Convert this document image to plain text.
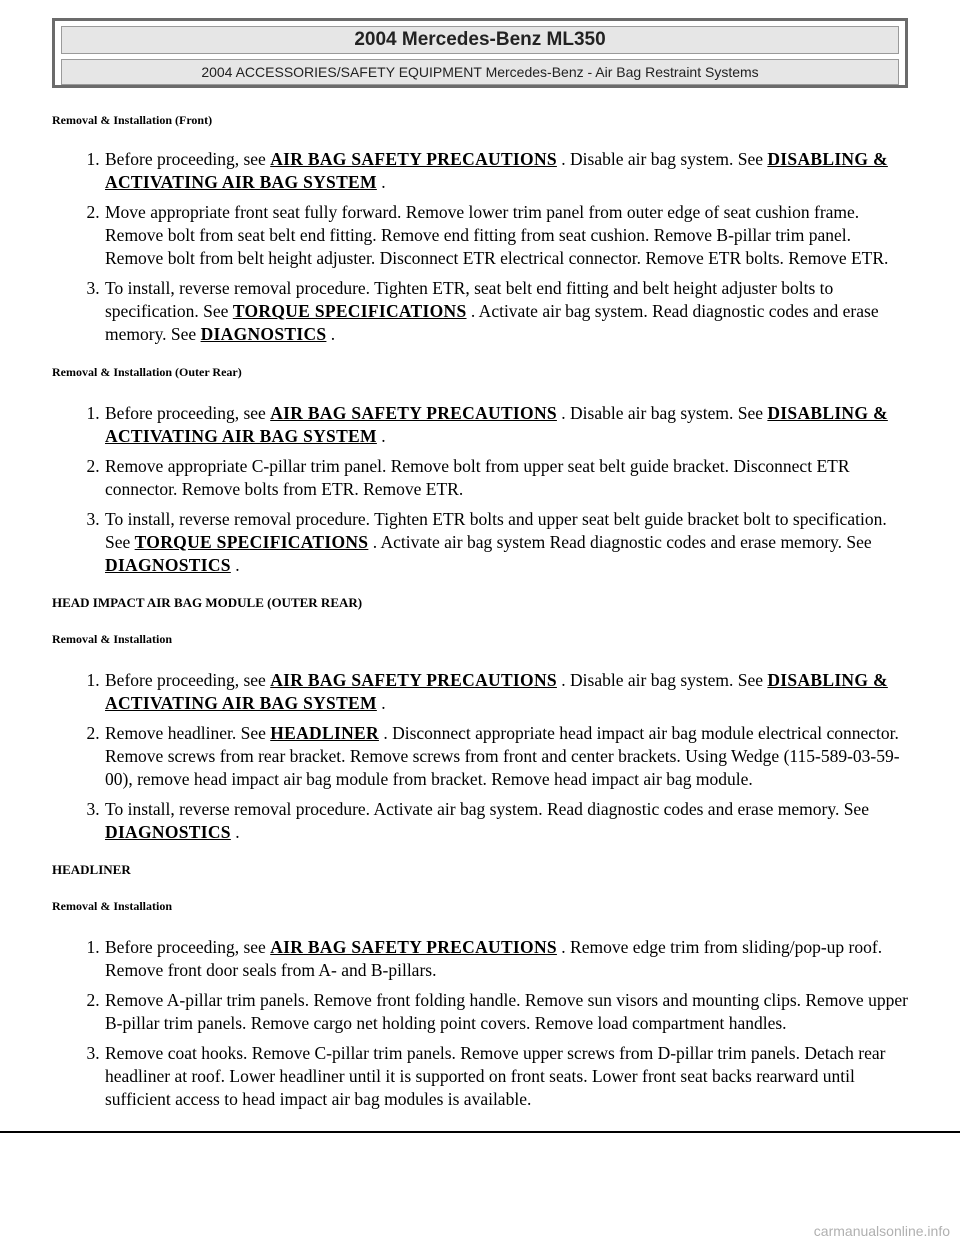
2004 Mercedes-Benz ML350
2004 ACCESSORIES/SAFETY EQUIPMENT Mercedes-Benz - Air Bag Restraint Systems

Removal & Installation (Front)

1. Before proceeding, see AIR BAG SAFETY PRECAUTIONS . Disable air bag system. See DISABLING & ACTIVATING AIR BAG SYSTEM .
2. Move appropriate front seat fully forward. Remove lower trim panel from outer edge of seat cushion frame. Remove bolt from seat belt end fitting. Remove end fitting from seat cushion. Remove B-pillar trim panel. Remove bolt from belt height adjuster. Disconnect ETR electrical connector. Remove ETR bolts. Remove ETR.
3. To install, reverse removal procedure. Tighten ETR, seat belt end fitting and belt height adjuster bolts to specification. See TORQUE SPECIFICATIONS . Activate air bag system. Read diagnostic codes and erase memory. See DIAGNOSTICS .

Removal & Installation (Outer Rear)

1. Before proceeding, see AIR BAG SAFETY PRECAUTIONS . Disable air bag system. See DISABLING & ACTIVATING AIR BAG SYSTEM .
2. Remove appropriate C-pillar trim panel. Remove bolt from upper seat belt guide bracket. Disconnect ETR connector. Remove bolts from ETR. Remove ETR.
3. To install, reverse removal procedure. Tighten ETR bolts and upper seat belt guide bracket bolt to specification. See TORQUE SPECIFICATIONS . Activate air bag system Read diagnostic codes and erase memory. See DIAGNOSTICS .

HEAD IMPACT AIR BAG MODULE (OUTER REAR)

Removal & Installation

1. Before proceeding, see AIR BAG SAFETY PRECAUTIONS . Disable air bag system. See DISABLING & ACTIVATING AIR BAG SYSTEM .
2. Remove headliner. See HEADLINER . Disconnect appropriate head impact air bag module electrical connector. Remove screws from rear bracket. Remove screws from front and center brackets. Using Wedge (115-589-03-59-00), remove head impact air bag module from bracket. Remove head impact air bag module.
3. To install, reverse removal procedure. Activate air bag system. Read diagnostic codes and erase memory. See DIAGNOSTICS .

HEADLINER

Removal & Installation

1. Before proceeding, see AIR BAG SAFETY PRECAUTIONS . Remove edge trim from sliding/pop-up roof. Remove front door seals from A- and B-pillars.
2. Remove A-pillar trim panels. Remove front folding handle. Remove sun visors and mounting clips. Remove upper B-pillar trim panels. Remove cargo net holding point covers. Remove load compartment handles.
3. Remove coat hooks. Remove C-pillar trim panels. Remove upper screws from D-pillar trim panels. Detach rear headliner at roof. Lower headliner until it is supported on front seats. Lower front seat backs rearward until sufficient access to head impact air bag modules is available.
carmanualsonline.info
